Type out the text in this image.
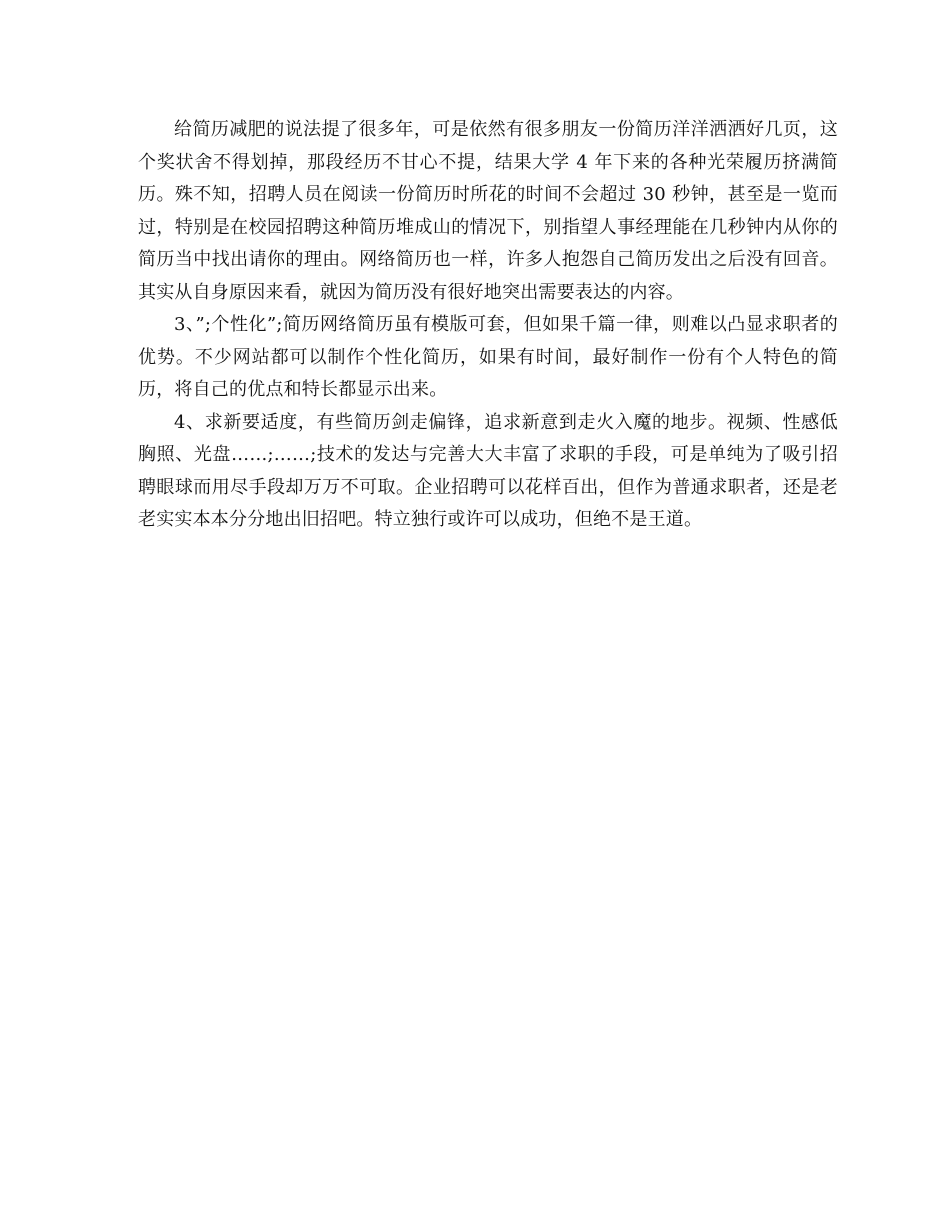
给简历减肥的说法提了很多年，可是依然有很多朋友一份简历洋洋洒洒好几页，这个奖状舍不得划掉，那段经历不甘心不提，结果大学 4 年下来的各种光荣履历挤满简历。殊不知，招聘人员在阅读一份简历时所花的时间不会超过 30 秒钟，甚至是一览而过，特别是在校园招聘这种简历堆成山的情况下，别指望人事经理能在几秒钟内从你的简历当中找出请你的理由。网络简历也一样，许多人抱怨自己简历发出之后没有回音。其实从自身原因来看，就因为简历没有很好地突出需要表达的内容。

3、”;个性化”;简历网络简历虽有模版可套，但如果千篇一律，则难以凸显求职者的优势。不少网站都可以制作个性化简历，如果有时间，最好制作一份有个人特色的简历，将自己的优点和特长都显示出来。

4、求新要适度，有些简历剑走偏锋，追求新意到走火入魔的地步。视频、性感低胸照、光盘……;……;技术的发达与完善大大丰富了求职的手段，可是单纯为了吸引招聘眼球而用尽手段却万万不可取。企业招聘可以花样百出，但作为普通求职者，还是老老实实本本分分地出旧招吧。特立独行或许可以成功，但绝不是王道。
